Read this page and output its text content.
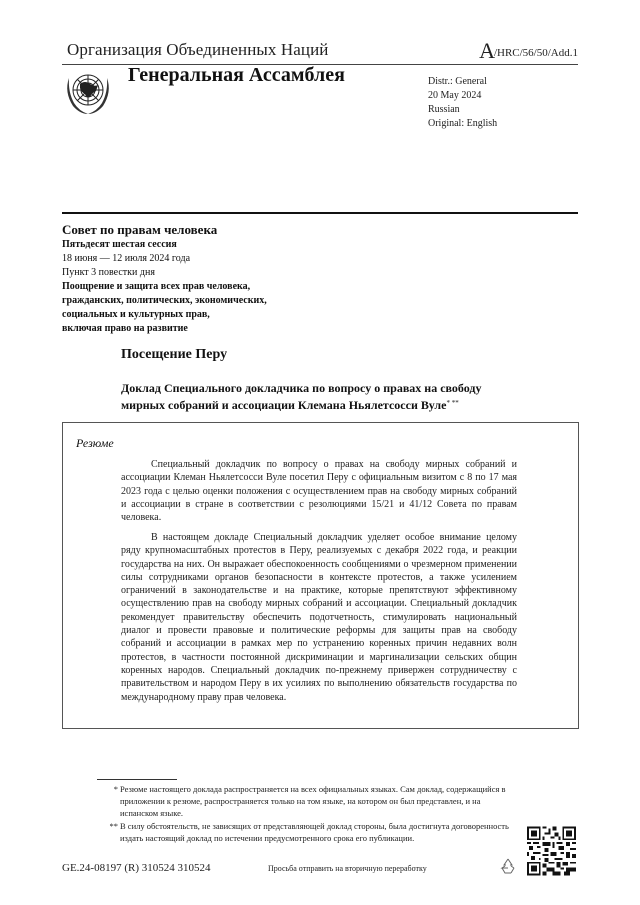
Организация Объединенных Наций	A/HRC/56/50/Add.1
Генеральная Ассамблея	Distr.: General
20 May 2024
Russian
Original: English
Совет по правам человека
Пятьдесят шестая сессия
18 июня — 12 июля 2024 года
Пункт 3 повестки дня
Поощрение и защита всех прав человека,
гражданских, политических, экономических,
социальных и культурных прав,
включая право на развитие
Посещение Перу
Доклад Специального докладчика по вопросу о правах на свободу
мирных собраний и ассоциации Клемана Ньялетсосси Вуле* **
Резюме

Специальный докладчик по вопросу о правах на свободу мирных собраний и ассоциации Клеман Ньялетсосси Вуле посетил Перу с официальным визитом с 8 по 17 мая 2023 года с целью оценки положения с осуществлением прав на свободу мирных собраний и ассоциации в стране в соответствии с резолюциями 15/21 и 41/12 Совета по правам человека.

В настоящем докладе Специальный докладчик уделяет особое внимание целому ряду крупномасштабных протестов в Перу, реализуемых с декабря 2022 года, и реакции государства на них. Он выражает обеспокоенность сообщениями о чрезмерном применении силы сотрудниками органов безопасности в контексте протестов, а также усилением ограничений в законодательстве и на практике, которые препятствуют эффективному осуществлению прав на свободу мирных собраний и ассоциации. Специальный докладчик рекомендует правительству обеспечить подотчетность, стимулировать национальный диалог и провести правовые и политические реформы для защиты прав на свободу собраний и ассоциации в рамках мер по устранению коренных причин недавних волн протестов, в частности постоянной дискриминации и маргинализации сельских общин коренных народов. Специальный докладчик по-прежнему привержен сотрудничеству с правительством и народом Перу в их усилиях по выполнению обязательств государства по международному праву прав человека.

* Резюме настоящего доклада распространяется на всех официальных языках. Сам доклад, содержащийся в приложении к резюме, распространяется только на том языке, на котором он был представлен, и на испанском языке.
** В силу обстоятельств, не зависящих от представляющей доклад стороны, была достигнута договоренность издать настоящий доклад по истечении предусмотренного срока его публикации.
GE.24-08197 (R) 310524 310524	Просьба отправить на вторичную переработку
